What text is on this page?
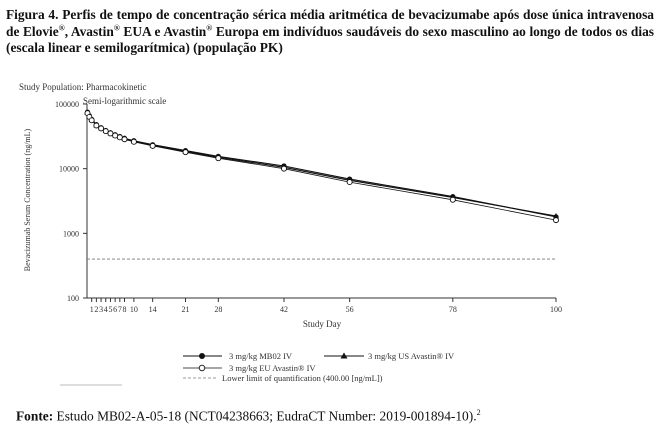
Figura 4. Perfis de tempo de concentração sérica média aritmética de bevacizumabe após dose única intravenosa de Elovie®, Avastin® EUA e Avastin® Europa em indivíduos saudáveis do sexo masculino ao longo de todos os dias (escala linear e semilogarítmica) (população PK)

Study Population: Pharmacokinetic
Semi-logarithmic scale
Bevacizumab Serum Concentration (ng/mL)
Study Day
100
1000
10000
100000
1 2 3 4 5 6 7 8 10 14	21	28	42	56	78	100
3 mg/kg MB02 IV	3 mg/kg US Avastin® IV
3 mg/kg EU Avastin® IV
Lower limit of quantification (400.00 [ng/mL])

Fonte: Estudo MB02-A-05-18 (NCT04238663; EudraCT Number: 2019-001894-10).$^2$
